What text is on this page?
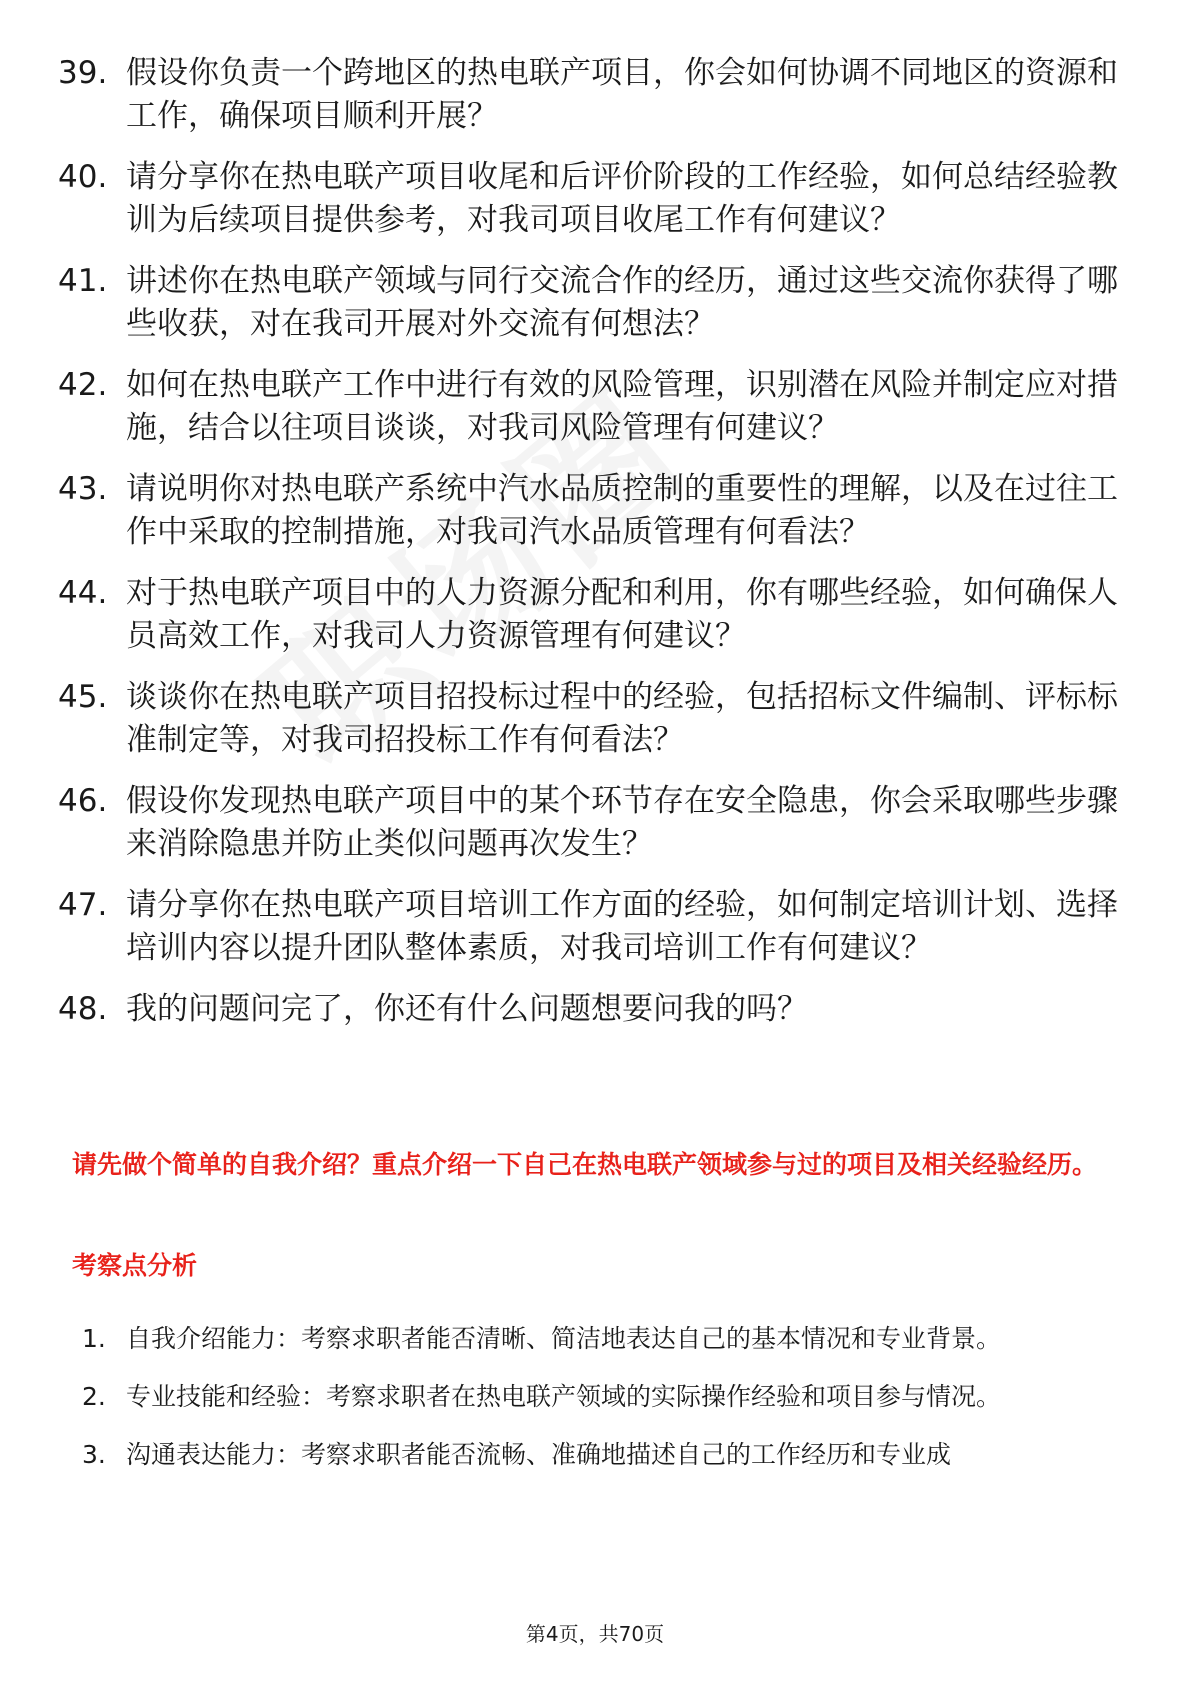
39. 假设你负责一个跨地区的热电联产项目，你会如何协调不同地区的资源和工作，确保项目顺利开展？
40. 请分享你在热电联产项目收尾和后评价阶段的工作经验，如何总结经验教训为后续项目提供参考，对我司项目收尾工作有何建议？
41. 讲述你在热电联产领域与同行交流合作的经历，通过这些交流你获得了哪些收获，对在我司开展对外交流有何想法？
42. 如何在热电联产工作中进行有效的风险管理，识别潜在风险并制定应对措施，结合以往项目谈谈，对我司风险管理有何建议？
43. 请说明你对热电联产系统中汽水品质控制的重要性的理解，以及在过往工作中采取的控制措施，对我司汽水品质管理有何看法？
44. 对于热电联产项目中的人力资源分配和利用，你有哪些经验，如何确保人员高效工作，对我司人力资源管理有何建议？
45. 谈谈你在热电联产项目招投标过程中的经验，包括招标文件编制、评标标准制定等，对我司招投标工作有何看法？
46. 假设你发现热电联产项目中的某个环节存在安全隐患，你会采取哪些步骤来消除隐患并防止类似问题再次发生？
47. 请分享你在热电联产项目培训工作方面的经验，如何制定培训计划、选择培训内容以提升团队整体素质，对我司培训工作有何建议？
48. 我的问题问完了，你还有什么问题想要问我的吗？
请先做个简单的自我介绍？重点介绍一下自己在热电联产领域参与过的项目及相关经验经历。
考察点分析
1. 自我介绍能力：考察求职者能否清晰、简洁地表达自己的基本情况和专业背景。
2. 专业技能和经验：考察求职者在热电联产领域的实际操作经验和项目参与情况。
3. 沟通表达能力：考察求职者能否流畅、准确地描述自己的工作经历和专业成
第4页，共70页
